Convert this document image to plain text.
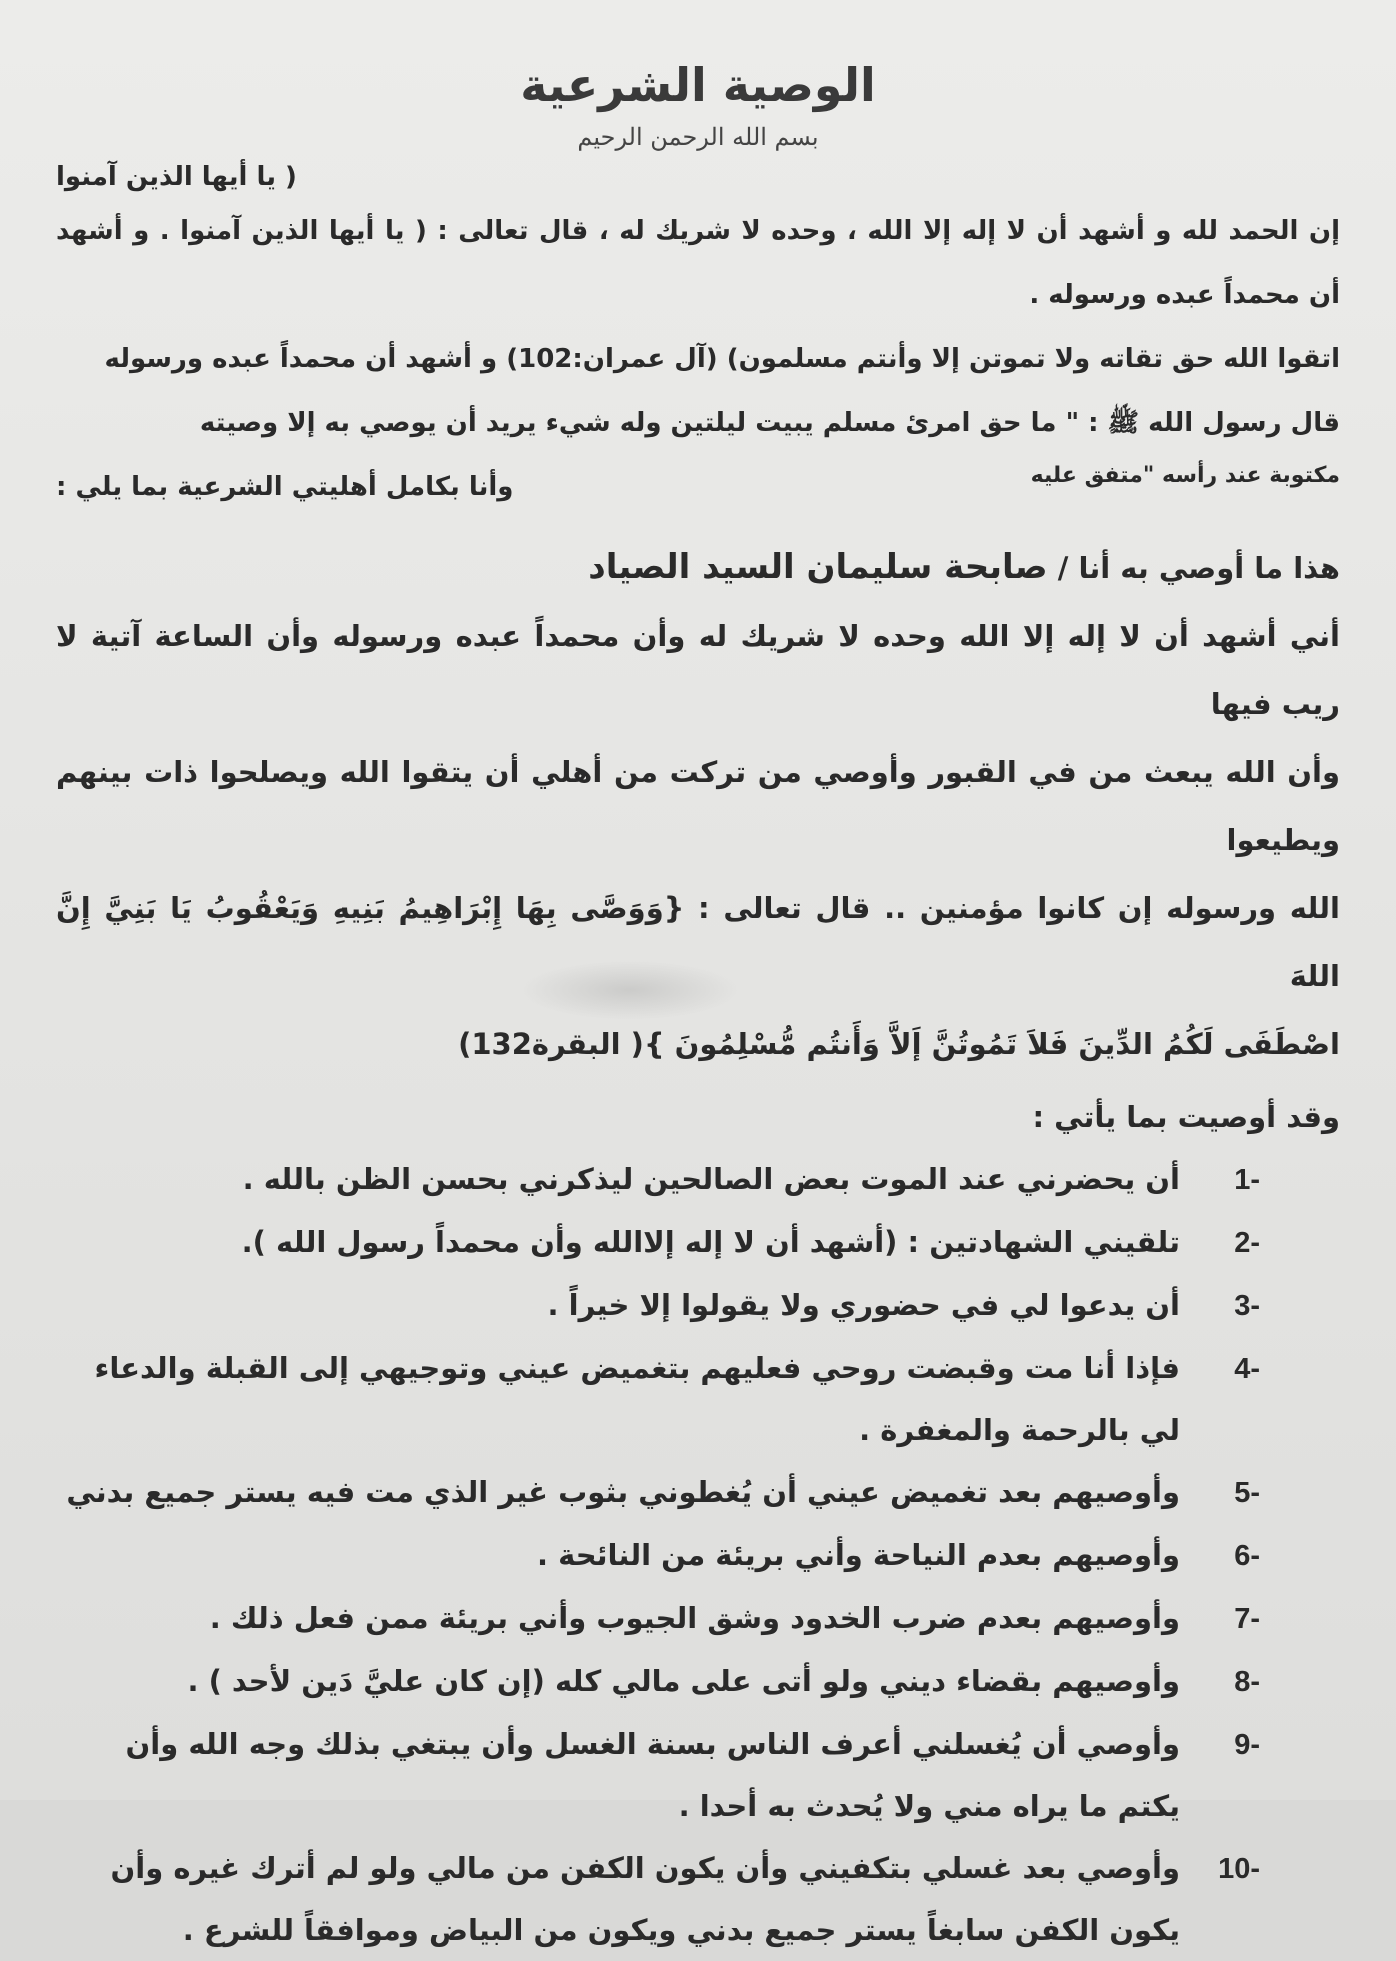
الوصية الشرعية
بسم الله الرحمن الرحيم

( يا أيها الذين آمنوا

إن الحمد لله و أشهد أن لا إله إلا الله ، وحده لا شريك له ، قال تعالى : ( يا أيها الذين آمنوا . و أشهد أن محمداً عبده ورسوله .

اتقوا الله حق تقاته ولا تموتن إلا وأنتم مسلمون) (آل عمران:102) و أشهد أن محمداً عبده ورسوله

قال رسول الله ﷺ : " ما حق امرئ مسلم يبيت ليلتين وله شيء يريد أن يوصي به إلا وصيته

مكتوبة عند رأسه "متفق عليه

وأنا بكامل أهليتي الشرعية بما يلي :

هذا ما أوصي به أنا / صابحة سليمان السيد الصياد

أني أشهد أن لا إله إلا الله وحده لا شريك له وأن محمداً عبده ورسوله وأن الساعة آتية لا ريب فيها

وأن الله يبعث من في القبور وأوصي من تركت من أهلي أن يتقوا الله ويصلحوا ذات بينهم ويطيعوا

الله ورسوله إن كانوا مؤمنين .. قال تعالى : {وَوَصَّى بِهَا إِبْرَاهِيمُ بَنِيهِ وَيَعْقُوبُ يَا بَنِيَّ إِنَّ اللهَ

اصْطَفَى لَكُمُ الدِّينَ فَلاَ تَمُوتُنَّ إَلاَّ وَأَنتُم مُّسْلِمُونَ }( البقرة132)

وقد أوصيت بما يأتي :
-1
أن يحضرني عند الموت بعض الصالحين ليذكرني بحسن الظن بالله .
-2
تلقيني الشهادتين : (أشهد أن لا إله إلاالله وأن محمداً رسول الله ).
-3
أن يدعوا لي في حضوري ولا يقولوا إلا خيراً .
-4
فإذا أنا مت وقبضت روحي فعليهم بتغميض عيني وتوجيهي إلى القبلة والدعاء لي بالرحمة والمغفرة .
-5
وأوصيهم بعد تغميض عيني أن يُغطوني بثوب غير الذي مت فيه يستر جميع بدني
-6
وأوصيهم بعدم النياحة وأني بريئة من النائحة .
-7
وأوصيهم بعدم ضرب الخدود وشق الجيوب وأني بريئة ممن فعل ذلك .
-8
وأوصيهم بقضاء ديني ولو أتى على مالي كله (إن كان عليَّ دَين لأحد ) .
-9
وأوصي أن يُغسلني أعرف الناس بسنة الغسل وأن يبتغي بذلك وجه الله وأن يكتم ما يراه مني ولا يُحدث به أحدا .
-10
وأوصي بعد غسلي بتكفيني وأن يكون الكفن من مالي ولو لم أترك غيره وأن يكون الكفن سابغاً يستر جميع بدني ويكون من البياض وموافقاً للشرع .
